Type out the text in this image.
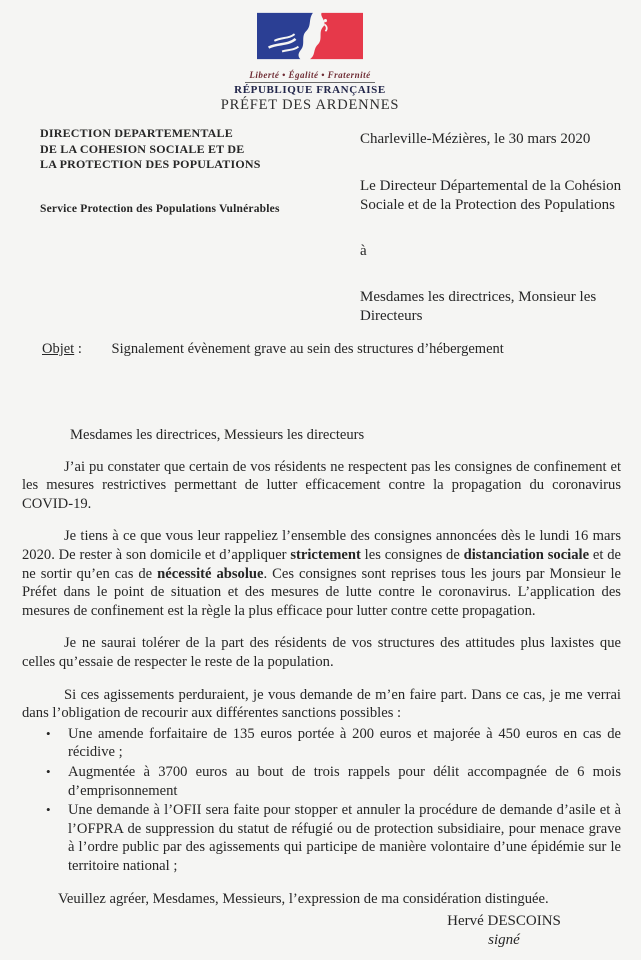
Liberté • Égalité • Fraternité
RÉPUBLIQUE FRANÇAISE
PRÉFET DES ARDENNES
DIRECTION DEPARTEMENTALE
DE LA COHESION SOCIALE ET DE
LA PROTECTION DES POPULATIONS
Service Protection des Populations Vulnérables
Charleville-Mézières, le 30 mars 2020
Le Directeur Départemental de la Cohésion Sociale et de la Protection des Populations
à
Mesdames les directrices, Monsieur les Directeurs
Objet : Signalement évènement grave au sein des structures d’hébergement

Mesdames les directrices, Messieurs les directeurs

J’ai pu constater que certain de vos résidents ne respectent pas les consignes de confinement et les mesures restrictives permettant de lutter efficacement contre la propagation du coronavirus COVID-19.

Je tiens à ce que vous leur rappeliez l’ensemble des consignes annoncées dès le lundi 16 mars 2020. De rester à son domicile et d’appliquer strictement les consignes de distanciation sociale et de ne sortir qu’en cas de nécessité absolue. Ces consignes sont reprises tous les jours par Monsieur le Préfet dans le point de situation et des mesures de lutte contre le coronavirus. L’application des mesures de confinement est la règle la plus efficace pour lutter contre cette propagation.

Je ne saurai tolérer de la part des résidents de vos structures des attitudes plus laxistes que celles qu’essaie de respecter le reste de la population.

Si ces agissements perduraient, je vous demande de m’en faire part. Dans ce cas, je me verrai dans l’obligation de recourir aux différentes sanctions possibles :

• Une amende forfaitaire de 135 euros portée à 200 euros et majorée à 450 euros en cas de récidive ;
• Augmentée à 3700 euros au bout de trois rappels pour délit accompagnée de 6 mois d’emprisonnement
• Une demande à l’OFII sera faite pour stopper et annuler la procédure de demande d’asile et à l’OFPRA de suppression du statut de réfugié ou de protection subsidiaire, pour menace grave à l’ordre public par des agissements qui participe de manière volontaire d’une épidémie sur le territoire national ;

Veuillez agréer, Mesdames, Messieurs, l’expression de ma considération distinguée.

Hervé DESCOINS
signé
